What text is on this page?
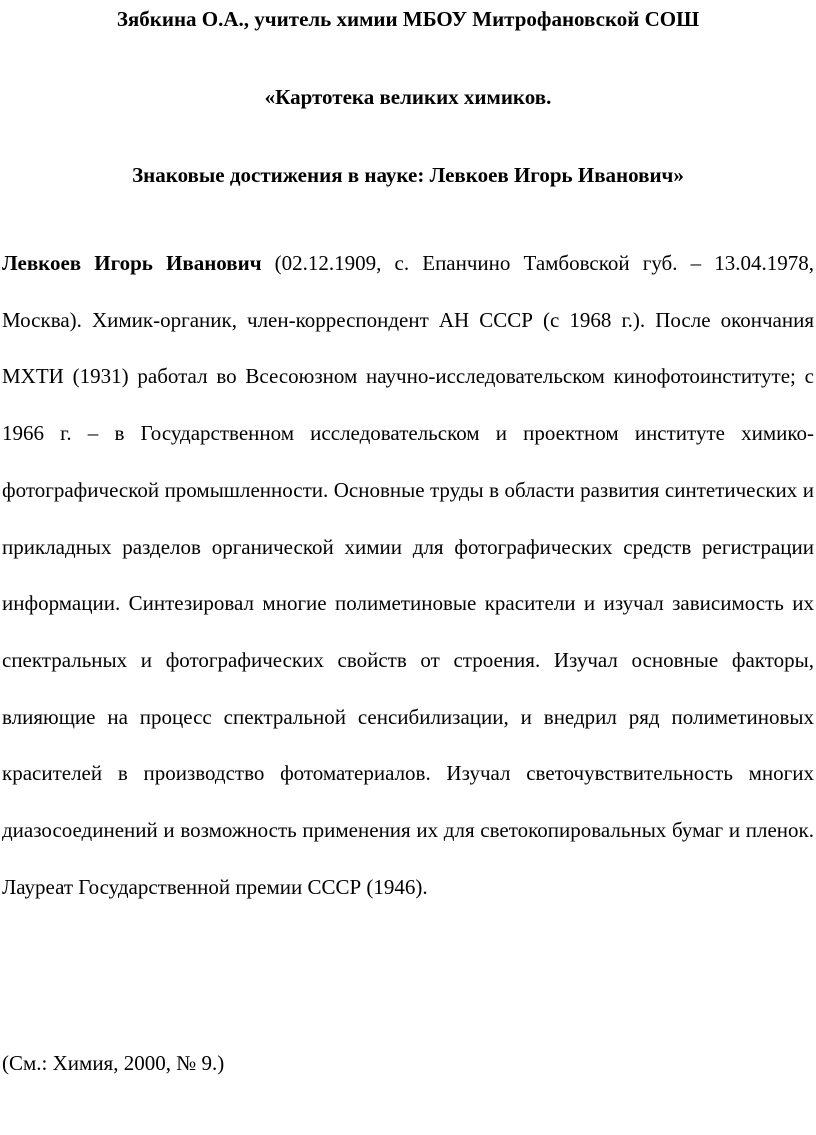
Зябкина О.А., учитель химии МБОУ Митрофановской СОШ
«Картотека великих химиков.
Знаковые достижения в науке: Левкоев Игорь Иванович»
Левкоев Игорь Иванович (02.12.1909, с. Епанчино Тамбовской губ. – 13.04.1978, Москва). Химик-органик, член-корреспондент АН СССР (с 1968 г.). После окончания МХТИ (1931) работал во Всесоюзном научно-исследовательском кинофотоинституте; с 1966 г. – в Государственном исследовательском и проектном институте химико-фотографической промышленности. Основные труды в области развития синтетических и прикладных разделов органической химии для фотографических средств регистрации информации. Синтезировал многие полиметиновые красители и изучал зависимость их спектральных и фотографических свойств от строения. Изучал основные факторы, влияющие на процесс спектральной сенсибилизации, и внедрил ряд полиметиновых красителей в производство фотоматериалов. Изучал светочувствительность многих диазосоединений и возможность применения их для светокопировальных бумаг и пленок. Лауреат Государственной премии СССР (1946).
(См.: Химия, 2000, № 9.)
